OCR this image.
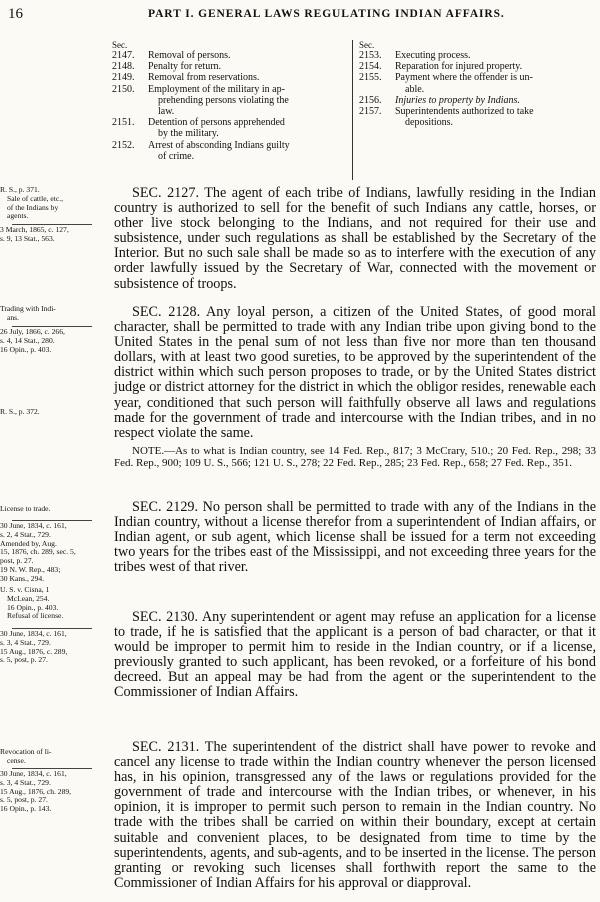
16	PART I. GENERAL LAWS REGULATING INDIAN AFFAIRS.
Sec.
2147.	Removal of persons.
2148.	Penalty for return.
2149.	Removal from reservations.
2150.	Employment of the military in ap-
prehending persons violating the
law.
2151.	Detention of persons apprehended
by the military.
2152.	Arrest of absconding Indians guilty
of crime.
Sec.
2153.	Executing process.
2154.	Reparation for injured property.
2155.	Payment where the offender is un-
able.
2156.	Injuries to property by Indians.
2157.	Superintendents authorized to take
depositions.
R. S., p. 371.
Sale of cattle, etc.,
of the Indians by
agents.
3 March, 1865, c. 127,
s. 9, 13 Stat., 563.
Trading with Indi-
ans.
26 July, 1866, c. 266,
s. 4, 14 Stat., 280.
16 Opin., p. 403.
R. S., p. 372.
License to trade.
30 June, 1834, c. 161,
s. 2, 4 Stat., 729.
Amended by, Aug.
15, 1876, ch. 289, sec. 5,
post, p. 27.
19 N. W. Rep., 483;
30 Kans., 294.
U. S. v. Cisna, 1
McLean, 254.
16 Opin., p. 403.
Refusal of license.
30 June, 1834, c. 161,
s. 3, 4 Stat., 729.
15 Aug., 1876, c. 289,
s. 5, post, p. 27.
Revocation of li-
cense.
30 June, 1834, c. 161,
s. 3, 4 Stat., 729.
15 Aug., 1876, ch. 289,
s. 5, post, p. 27.
16 Opin., p. 143.

SEC. 2127. The agent of each tribe of Indians, lawfully residing in the Indian country is authorized to sell for the benefit of such Indians any cattle, horses, or other live stock belonging to the Indians, and not required for their use and subsistence, under such regulations as shall be established by the Secretary of the Interior. But no such sale shall be made so as to interfere with the execution of any order lawfully issued by the Secretary of War, connected with the movement or subsistence of troops.

SEC. 2128. Any loyal person, a citizen of the United States, of good moral character, shall be permitted to trade with any Indian tribe upon giving bond to the United States in the penal sum of not less than five nor more than ten thousand dollars, with at least two good sureties, to be approved by the superintendent of the district within which such person proposes to trade, or by the United States district judge or district attorney for the district in which the obligor resides, renewable each year, conditioned that such person will faithfully observe all laws and regulations made for the government of trade and intercourse with the Indian tribes, and in no respect violate the same.

NOTE.—As to what is Indian country, see 14 Fed. Rep., 817; 3 McCrary, 510.; 20 Fed. Rep., 298; 33 Fed. Rep., 900; 109 U. S., 566; 121 U. S., 278; 22 Fed. Rep., 285; 23 Fed. Rep., 658; 27 Fed. Rep., 351.

SEC. 2129. No person shall be permitted to trade with any of the Indians in the Indian country, without a license therefor from a superintendent of Indian affairs, or Indian agent, or sub agent, which license shall be issued for a term not exceeding two years for the tribes east of the Mississippi, and not exceeding three years for the tribes west of that river.

SEC. 2130. Any superintendent or agent may refuse an application for a license to trade, if he is satisfied that the applicant is a person of bad character, or that it would be improper to permit him to reside in the Indian country, or if a license, previously granted to such applicant, has been revoked, or a forfeiture of his bond decreed. But an appeal may be had from the agent or the superintendent to the Commissioner of Indian Affairs.

SEC. 2131. The superintendent of the district shall have power to revoke and cancel any license to trade within the Indian country whenever the person licensed has, in his opinion, transgressed any of the laws or regulations provided for the government of trade and intercourse with the Indian tribes, or whenever, in his opinion, it is improper to permit such person to remain in the Indian country. No trade with the tribes shall be carried on within their boundary, except at certain suitable and convenient places, to be designated from time to time by the superintendents, agents, and sub-agents, and to be inserted in the license. The person granting or revoking such licenses shall forthwith report the same to the Commissioner of Indian Affairs for his approval or diapproval.
